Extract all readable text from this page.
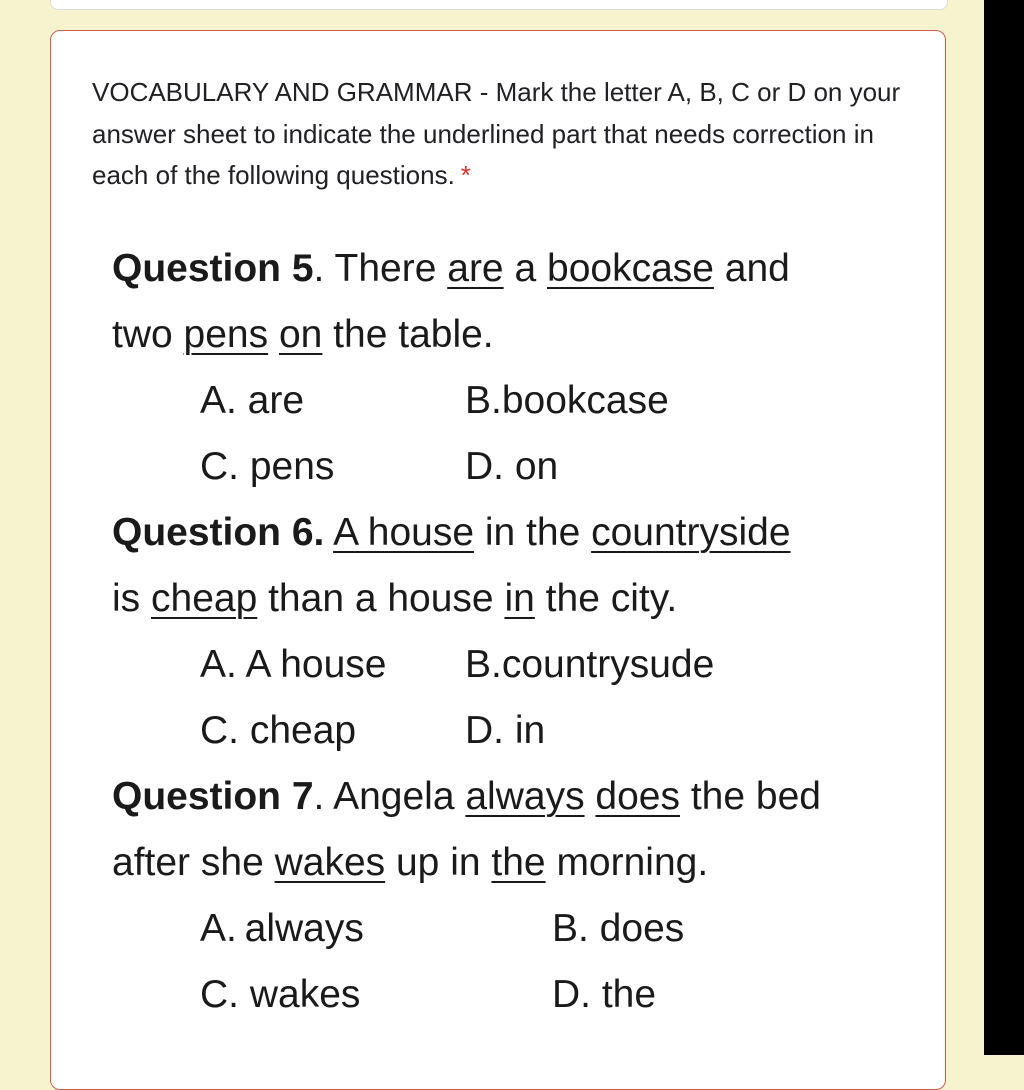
VOCABULARY AND GRAMMAR - Mark the letter A, B, C or D on your answer sheet to indicate the underlined part that needs correction in each of the following questions. *
Question 5. There are a bookcase and
two pens on the table.
A. are	B.bookcase
C. pens	D. on
Question 6. A house in the countryside
is cheap than a house in the city.
A. A house B.countrysude
C. cheap	D. in
Question 7. Angela always does the bed
after she wakes up in the morning.
A. always	B. does
C. wakes	D. the
